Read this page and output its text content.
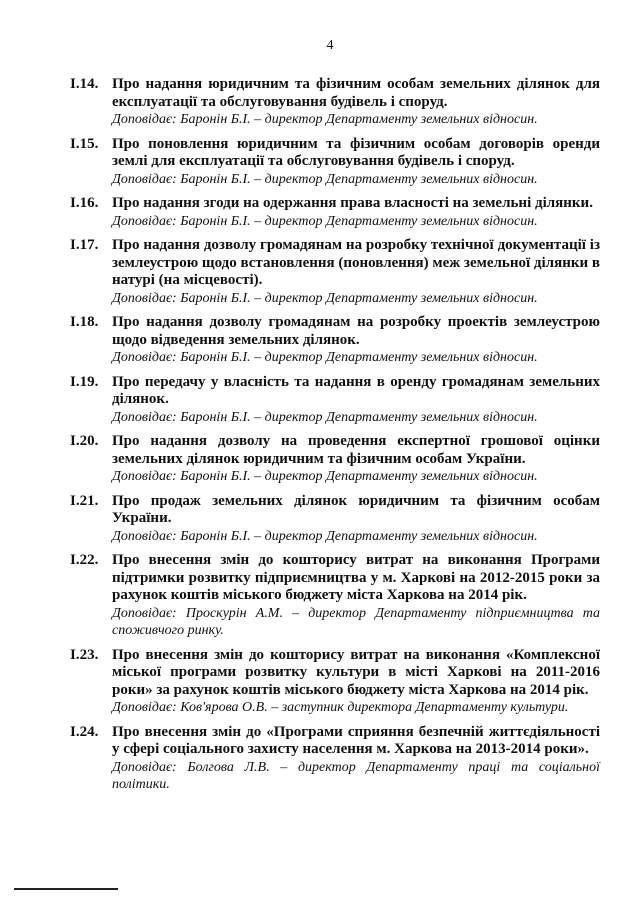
4
І.14. Про надання юридичним та фізичним особам земельних ділянок для експлуатації та обслуговування будівель і споруд.
Доповідає: Баронін Б.І. – директор Департаменту земельних відносин.
І.15. Про поновлення юридичним та фізичним особам договорів оренди землі для експлуатації та обслуговування будівель і споруд.
Доповідає: Баронін Б.І. – директор Департаменту земельних відносин.
І.16. Про надання згоди на одержання права власності на земельні ділянки.
Доповідає: Баронін Б.І. – директор Департаменту земельних відносин.
І.17. Про надання дозволу громадянам на розробку технічної документації із землеустрою щодо встановлення (поновлення) меж земельної ділянки в натурі (на місцевості).
Доповідає: Баронін Б.І. – директор Департаменту земельних відносин.
І.18. Про надання дозволу громадянам на розробку проектів землеустрою щодо відведення земельних ділянок.
Доповідає: Баронін Б.І. – директор Департаменту земельних відносин.
І.19. Про передачу у власність та надання в оренду громадянам земельних ділянок.
Доповідає: Баронін Б.І. – директор Департаменту земельних відносин.
І.20. Про надання дозволу на проведення експертної грошової оцінки земельних ділянок юридичним та фізичним особам України.
Доповідає: Баронін Б.І. – директор Департаменту земельних відносин.
І.21. Про продаж земельних ділянок юридичним та фізичним особам України.
Доповідає: Баронін Б.І. – директор Департаменту земельних відносин.
І.22. Про внесення змін до кошторису витрат на виконання Програми підтримки розвитку підприємництва у м. Харкові на 2012-2015 роки за рахунок коштів міського бюджету міста Харкова на 2014 рік.
Доповідає: Проскурін А.М. – директор Департаменту підприємництва та споживчого ринку.
І.23. Про внесення змін до кошторису витрат на виконання «Комплексної міської програми розвитку культури в місті Харкові на 2011-2016 роки» за рахунок коштів міського бюджету міста Харкова на 2014 рік.
Доповідає: Ков'ярова О.В. – заступник директора Департаменту культури.
І.24. Про внесення змін до «Програми сприяння безпечній життєдіяльності у сфері соціального захисту населення м. Харкова на 2013-2014 роки».
Доповідає: Болгова Л.В. – директор Департаменту праці та соціальної політики.
